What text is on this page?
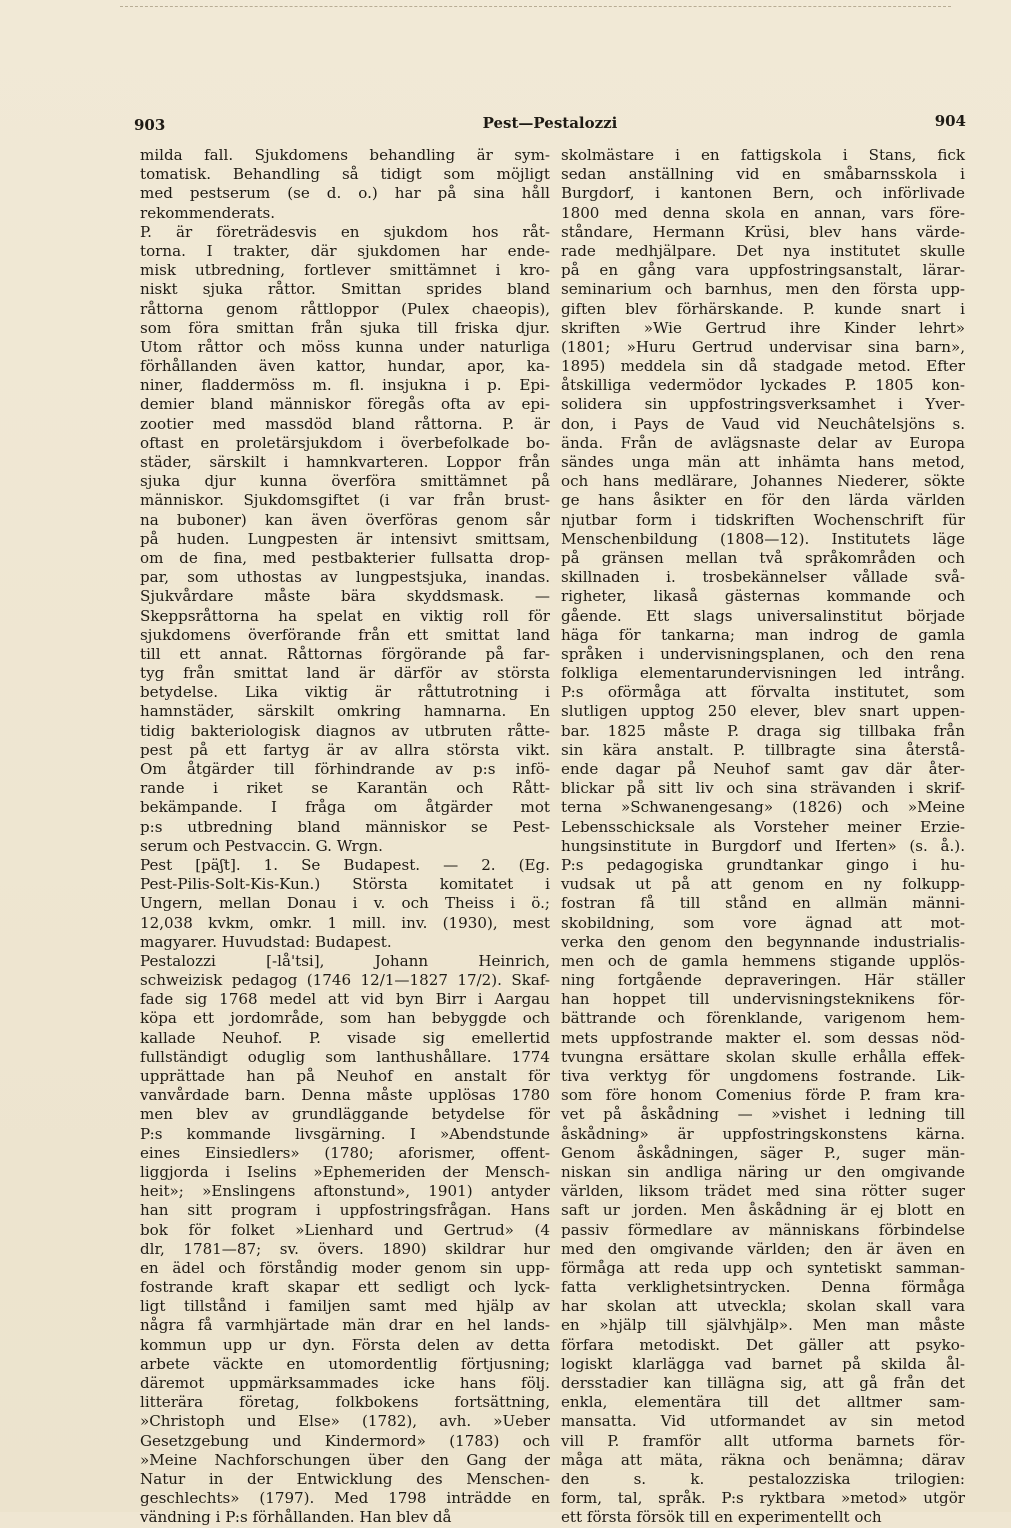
903	Pest—Pestalozzi	904
milda fall. Sjukdomens behandling är sym-
tomatisk. Behandling så tidigt som möjligt
med pestserum (se d. o.) har på sina håll
rekommenderats.
P. är företrädesvis en sjukdom hos råt-
torna. I trakter, där sjukdomen har ende-
misk utbredning, fortlever smittämnet i kro-
niskt sjuka råttor. Smittan sprides bland
råttorna genom råttloppor (Pulex chaeopis),
som föra smittan från sjuka till friska djur.
Utom råttor och möss kunna under naturliga
förhållanden även kattor, hundar, apor, ka-
niner, fladdermöss m. fl. insjukna i p. Epi-
demier bland människor föregås ofta av epi-
zootier med massdöd bland råttorna. P. är
oftast en proletärsjukdom i överbefolkade bo-
städer, särskilt i hamnkvarteren. Loppor från
sjuka djur kunna överföra smittämnet på
människor. Sjukdomsgiftet (i var från brust-
na buboner) kan även överföras genom sår
på huden. Lungpesten är intensivt smittsam,
om de fina, med pestbakterier fullsatta drop-
par, som uthostas av lungpestsjuka, inandas.
Sjukvårdare måste bära skyddsmask. —
Skeppsråttorna ha spelat en viktig roll för
sjukdomens överförande från ett smittat land
till ett annat. Råttornas förgörande på far-
tyg från smittat land är därför av största
betydelse. Lika viktig är råttutrotning i
hamnstäder, särskilt omkring hamnarna. En
tidig bakteriologisk diagnos av utbruten råtte-
pest på ett fartyg är av allra största vikt.
Om åtgärder till förhindrande av p:s infö-
rande i riket se Karantän och Rått-
bekämpande. I fråga om åtgärder mot
p:s utbredning bland människor se Pest-
serum och Pestvaccin. G. Wrgn.
Pest [päʃt]. 1. Se Budapest. — 2. (Eg.
Pest-Pilis-Solt-Kis-Kun.) Största komitatet i
Ungern, mellan Donau i v. och Theiss i ö.;
12,038 kvkm, omkr. 1 mill. inv. (1930), mest
magyarer. Huvudstad: Budapest.
Pestalozzi [-lå'tsi], Johann Heinrich,
schweizisk pedagog (1746 12/1—1827 17/2). Skaf-
fade sig 1768 medel att vid byn Birr i Aargau
köpa ett jordområde, som han bebyggde och
kallade Neuhof. P. visade sig emellertid
fullständigt oduglig som lanthushållare. 1774
upprättade han på Neuhof en anstalt för
vanvårdade barn. Denna måste upplösas 1780
men blev av grundläggande betydelse för
P:s kommande livsgärning. I »Abendstunde
eines Einsiedlers» (1780; aforismer, offent-
liggjorda i Iselins »Ephemeriden der Mensch-
heit»; »Enslingens aftonstund», 1901) antyder
han sitt program i uppfostringsfrågan. Hans
bok för folket »Lienhard und Gertrud» (4
dlr, 1781—87; sv. övers. 1890) skildrar hur
en ädel och förståndig moder genom sin upp-
fostrande kraft skapar ett sedligt och lyck-
ligt tillstånd i familjen samt med hjälp av
några få varmhjärtade män drar en hel lands-
kommun upp ur dyn. Första delen av detta
arbete väckte en utomordentlig förtjusning;
däremot uppmärksammades icke hans följ.
litterära företag, folkbokens fortsättning,
»Christoph und Else» (1782), avh. »Ueber
Gesetzgebung und Kindermord» (1783) och
»Meine Nachforschungen über den Gang der
Natur in der Entwicklung des Menschen-
geschlechts» (1797). Med 1798 inträdde en
vändning i P:s förhållanden. Han blev då
skolmästare i en fattigskola i Stans, fick
sedan anställning vid en småbarnsskola i
Burgdorf, i kantonen Bern, och införlivade
1800 med denna skola en annan, vars före-
ståndare, Hermann Krüsi, blev hans värde-
rade medhjälpare. Det nya institutet skulle
på en gång vara uppfostringsanstalt, lärar-
seminarium och barnhus, men den första upp-
giften blev förhärskande. P. kunde snart i
skriften »Wie Gertrud ihre Kinder lehrt»
(1801; »Huru Gertrud undervisar sina barn»,
1895) meddela sin då stadgade metod. Efter
åtskilliga vedermödor lyckades P. 1805 kon-
solidera sin uppfostringsverksamhet i Yver-
don, i Pays de Vaud vid Neuchâtelsjöns s.
ända. Från de avlägsnaste delar av Europa
sändes unga män att inhämta hans metod,
och hans medlärare, Johannes Niederer, sökte
ge hans åsikter en för den lärda världen
njutbar form i tidskriften Wochenschrift für
Menschenbildung (1808—12). Institutets läge
på gränsen mellan två språkområden och
skillnaden i. trosbekännelser vållade svå-
righeter, likaså gästernas kommande och
gående. Ett slags universalinstitut började
häga för tankarna; man indrog de gamla
språken i undervisningsplanen, och den rena
folkliga elementarundervisningen led intrång.
P:s oförmåga att förvalta institutet, som
slutligen upptog 250 elever, blev snart uppen-
bar. 1825 måste P. draga sig tillbaka från
sin kära anstalt. P. tillbragte sina återstå-
ende dagar på Neuhof samt gav där åter-
blickar på sitt liv och sina strävanden i skrif-
terna »Schwanengesang» (1826) och »Meine
Lebensschicksale als Vorsteher meiner Erzie-
hungsinstitute in Burgdorf und Iferten» (s. å.).
P:s pedagogiska grundtankar gingo i hu-
vudsak ut på att genom en ny folkupp-
fostran få till stånd en allmän männi-
skobildning, som vore ägnad att mot-
verka den genom den begynnande industrialis-
men och de gamla hemmens stigande upplös-
ning fortgående depraveringen. Här ställer
han hoppet till undervisningsteknikens för-
bättrande och förenklande, varigenom hem-
mets uppfostrande makter el. som dessas nöd-
tvungna ersättare skolan skulle erhålla effek-
tiva verktyg för ungdomens fostrande. Lik-
som före honom Comenius förde P. fram kra-
vet på åskådning — »vishet i ledning till
åskådning» är uppfostringskonstens kärna.
Genom åskådningen, säger P., suger män-
niskan sin andliga näring ur den omgivande
världen, liksom trädet med sina rötter suger
saft ur jorden. Men åskådning är ej blott en
passiv förmedlare av människans förbindelse
med den omgivande världen; den är även en
förmåga att reda upp och syntetiskt samman-
fatta verklighetsintrycken. Denna förmåga
har skolan att utveckla; skolan skall vara
en »hjälp till självhjälp». Men man måste
förfara metodiskt. Det gäller att psyko-
logiskt klarlägga vad barnet på skilda ål-
dersstadier kan tillägna sig, att gå från det
enkla, elementära till det alltmer sam-
mansatta. Vid utformandet av sin metod
vill P. framför allt utforma barnets för-
måga att mäta, räkna och benämna; därav
den s. k. pestalozziska trilogien:
form, tal, språk. P:s ryktbara »metod» utgör
ett första försök till en experimentellt och
